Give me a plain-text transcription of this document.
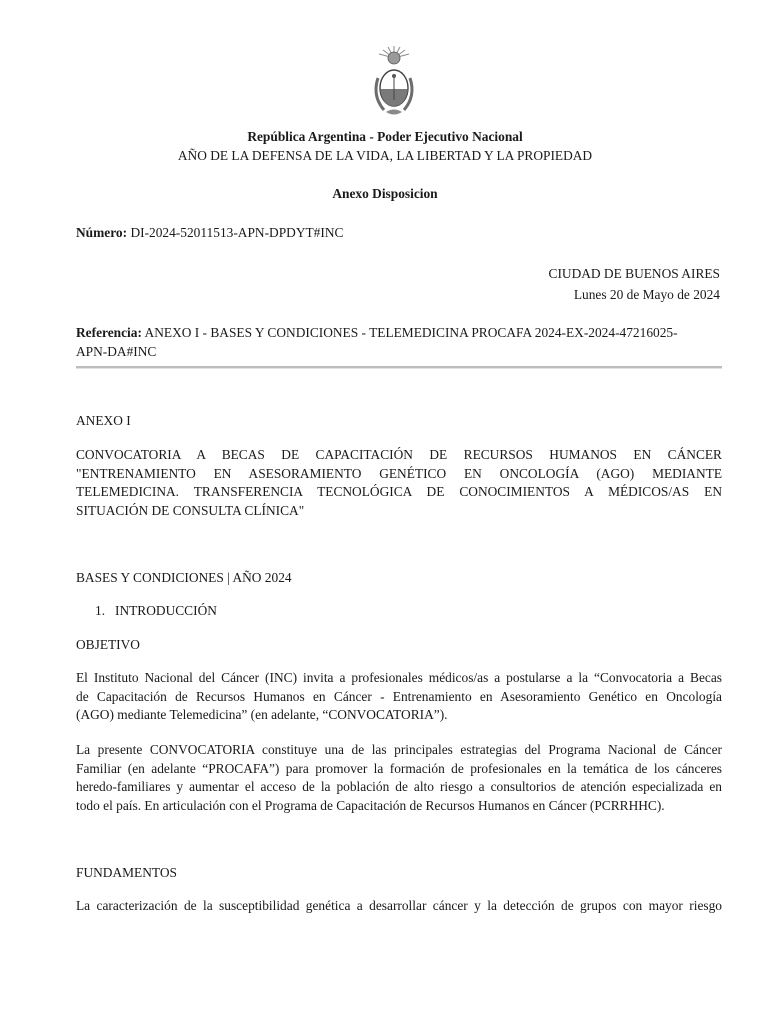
República Argentina - Poder Ejecutivo Nacional
AÑO DE LA DEFENSA DE LA VIDA, LA LIBERTAD Y LA PROPIEDAD
Anexo Disposicion
Número: DI-2024-52011513-APN-DPDYT#INC
CIUDAD DE BUENOS AIRES
Lunes 20 de Mayo de 2024
Referencia: ANEXO I - BASES Y CONDICIONES - TELEMEDICINA PROCAFA 2024-EX-2024-47216025-
APN-DA#INC
ANEXO I
CONVOCATORIA A BECAS DE CAPACITACIÓN DE RECURSOS HUMANOS EN CÁNCER
"ENTRENAMIENTO EN ASESORAMIENTO GENÉTICO EN ONCOLOGÍA (AGO) MEDIANTE
TELEMEDICINA. TRANSFERENCIA TECNOLÓGICA DE CONOCIMIENTOS A MÉDICOS/AS EN
SITUACIÓN DE CONSULTA CLÍNICA"
BASES Y CONDICIONES | AÑO 2024
1. INTRODUCCIÓN
OBJETIVO
El Instituto Nacional del Cáncer (INC) invita a profesionales médicos/as a postularse a la “Convocatoria a Becas
de Capacitación de Recursos Humanos en Cáncer - Entrenamiento en Asesoramiento Genético en Oncología
(AGO) mediante Telemedicina” (en adelante, “CONVOCATORIA”).
La presente CONVOCATORIA constituye una de las principales estrategias del Programa Nacional de Cáncer
Familiar (en adelante “PROCAFA”) para promover la formación de profesionales en la temática de los cánceres
heredo-familiares y aumentar el acceso de la población de alto riesgo a consultorios de atención especializada en
todo el país. En articulación con el Programa de Capacitación de Recursos Humanos en Cáncer (PCRRHHC).
FUNDAMENTOS
La caracterización de la susceptibilidad genética a desarrollar cáncer y la detección de grupos con mayor riesgo
